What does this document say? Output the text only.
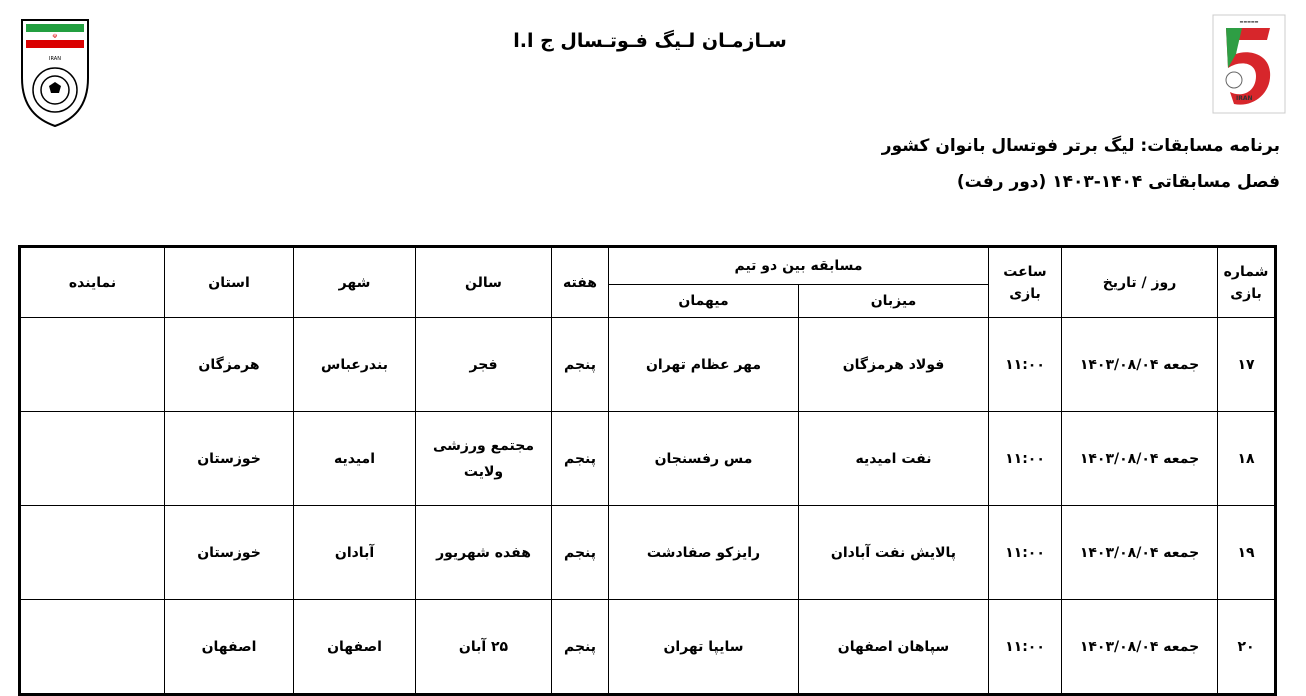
☫
IRAN
▬▬▬▬▬
IRAN
سـازمـان لـیگ فـوتـسال ج ا.ا
برنامه مسابقات: لیگ برتر فوتسال بانوان کشور
فصل مسابقاتی ۱۴۰۴-۱۴۰۳ (دور رفت)
شماره بازی	روز / تاریخ	ساعت بازی	مسابقه بین دو تیم		هفته	سالن	شهر	استان	نماینده
			میزبان	میهمان					
۱۷	جمعه ۱۴۰۳/۰۸/۰۴	۱۱:۰۰	فولاد هرمزگان	مهر عظام تهران	پنجم	فجر	بندرعباس	هرمزگان	
۱۸	جمعه ۱۴۰۳/۰۸/۰۴	۱۱:۰۰	نفت امیدیه	مس رفسنجان	پنجم	مجتمع ورزشی ولایت	امیدیه	خوزستان	
۱۹	جمعه ۱۴۰۳/۰۸/۰۴	۱۱:۰۰	پالایش نفت آبادان	رایزکو صفادشت	پنجم	هفده شهریور	آبادان	خوزستان	
۲۰	جمعه ۱۴۰۳/۰۸/۰۴	۱۱:۰۰	سپاهان اصفهان	سایپا تهران	پنجم	۲۵ آبان	اصفهان	اصفهان	
